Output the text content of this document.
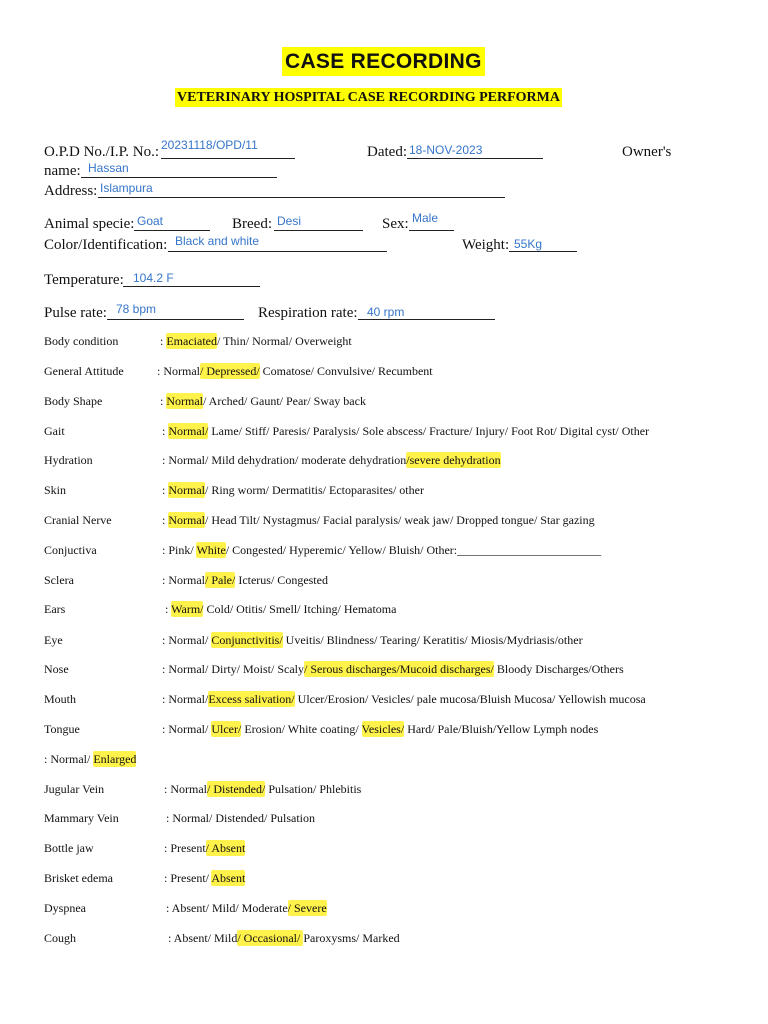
CASE RECORDING
VETERINARY HOSPITAL CASE RECORDING PERFORMA
O.P.D No./I.P. No.: 20231118/OPD/11	Dated: 18-NOV-2023	Owner's
name: Hassan
Address: Islampura
Animal specie: Goat	Breed: Desi	Sex: Male
Color/Identification: Black and white	Weight: 55Kg
Temperature: 104.2 F
Pulse rate: 78 bpm	Respiration rate: 40 rpm
Body condition	: Emaciated/ Thin/ Normal/ Overweight
General Attitude	: Normal/ Depressed/ Comatose/ Convulsive/ Recumbent
Body Shape	: Normal/ Arched/ Gaunt/ Pear/ Sway back
Gait	: Normal/ Lame/ Stiff/ Paresis/ Paralysis/ Sole abscess/ Fracture/ Injury/ Foot Rot/ Digital cyst/ Other
Hydration	: Normal/ Mild dehydration/ moderate dehydration/severe dehydration
Skin	: Normal/ Ring worm/ Dermatitis/ Ectoparasites/ other
Cranial Nerve	: Normal/ Head Tilt/ Nystagmus/ Facial paralysis/ weak jaw/ Dropped tongue/ Star gazing
Conjuctiva	: Pink/ White/ Congested/ Hyperemic/ Yellow/ Bluish/ Other:________________________
Sclera	: Normal/ Pale/ Icterus/ Congested
Ears	: Warm/ Cold/ Otitis/ Smell/ Itching/ Hematoma
Eye	: Normal/ Conjunctivitis/ Uveitis/ Blindness/ Tearing/ Keratitis/ Miosis/Mydriasis/other
Nose	: Normal/ Dirty/ Moist/ Scaly/ Serous discharges/Mucoid discharges/ Bloody Discharges/Others
Mouth	: Normal/Excess salivation/ Ulcer/Erosion/ Vesicles/ pale mucosa/Bluish Mucosa/ Yellowish mucosa
Tongue	: Normal/ Ulcer/ Erosion/ White coating/ Vesicles/ Hard/ Pale/Bluish/Yellow Lymph nodes
: Normal/ Enlarged
Jugular Vein	: Normal/ Distended/ Pulsation/ Phlebitis
Mammary Vein	: Normal/ Distended/ Pulsation
Bottle jaw	: Present/ Absent
Brisket edema	: Present/ Absent
Dyspnea	: Absent/ Mild/ Moderate/ Severe
Cough	: Absent/ Mild/ Occasional/ Paroxysms/ Marked
